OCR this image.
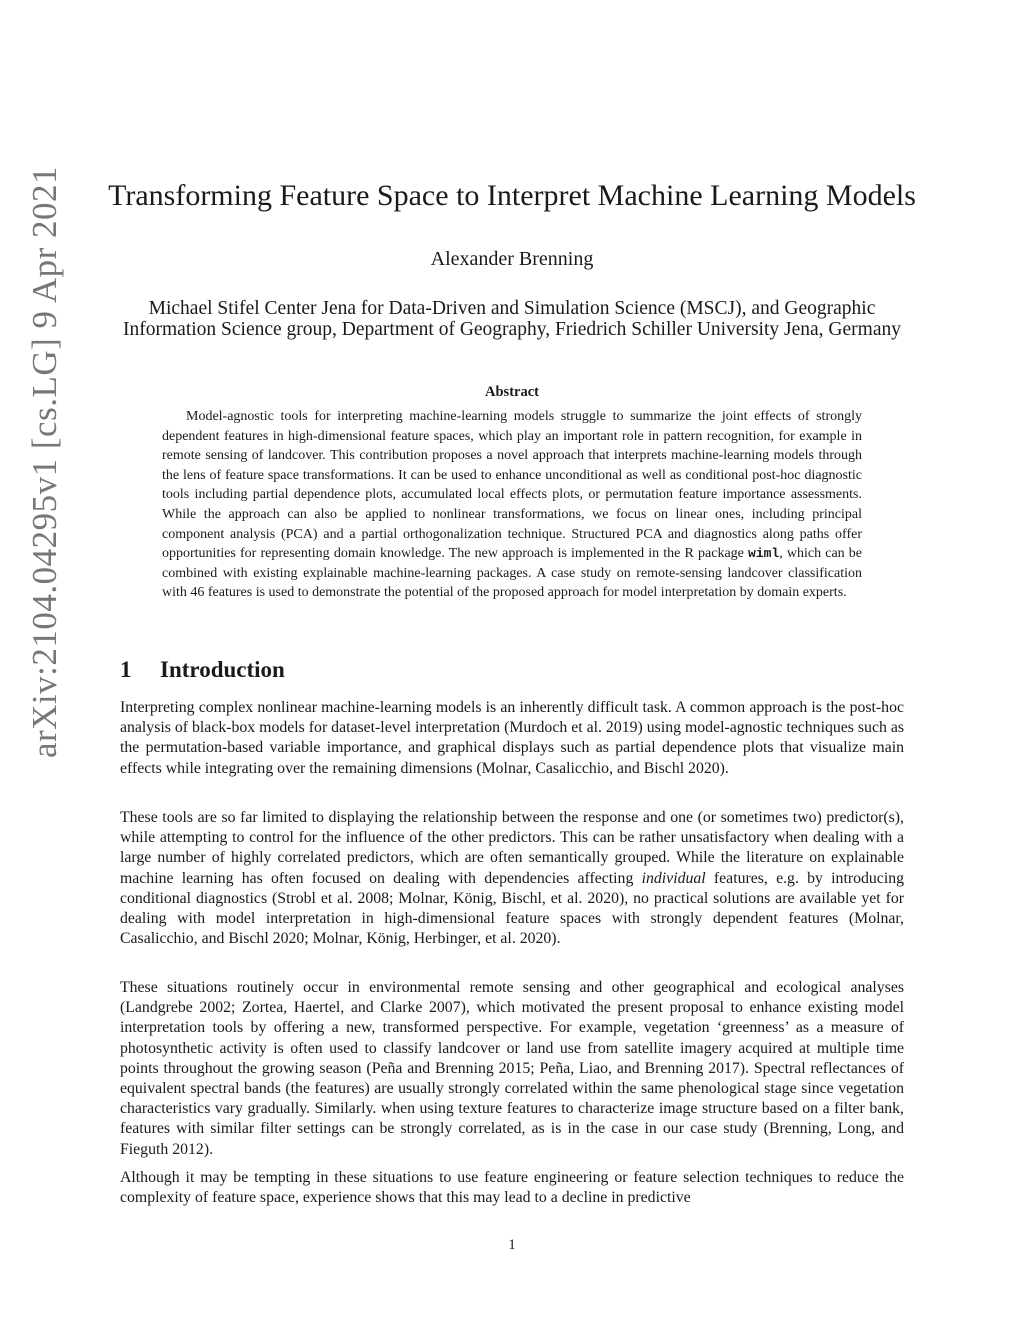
arXiv:2104.04295v1 [cs.LG] 9 Apr 2021	Transforming Feature Space to Interpret Machine Learning Models
Alexander Brenning
Michael Stifel Center Jena for Data-Driven and Simulation Science (MSCJ), and Geographic Information Science group, Department of Geography, Friedrich Schiller University Jena, Germany
Abstract

Model-agnostic tools for interpreting machine-learning models struggle to summarize the joint effects of strongly dependent features in high-dimensional feature spaces, which play an important role in pattern recognition, for example in remote sensing of landcover. This contribution proposes a novel approach that interprets machine-learning models through the lens of feature space transformations. It can be used to enhance unconditional as well as conditional post-hoc diagnostic tools including partial dependence plots, accumulated local effects plots, or permutation feature importance assessments. While the approach can also be applied to nonlinear transformations, we focus on linear ones, including principal component analysis (PCA) and a partial orthogonalization technique. Structured PCA and diagnostics along paths offer opportunities for representing domain knowledge. The new approach is implemented in the R package wiml, which can be combined with existing explainable machine-learning packages. A case study on remote-sensing landcover classification with 46 features is used to demonstrate the potential of the proposed approach for model interpretation by domain experts.

1 Introduction

Interpreting complex nonlinear machine-learning models is an inherently difficult task. A common approach is the post-hoc analysis of black-box models for dataset-level interpretation (Murdoch et al. 2019) using model-agnostic techniques such as the permutation-based variable importance, and graphical displays such as partial dependence plots that visualize main effects while integrating over the remaining dimensions (Molnar, Casalicchio, and Bischl 2020).

These tools are so far limited to displaying the relationship between the response and one (or sometimes two) predictor(s), while attempting to control for the influence of the other predictors. This can be rather unsatisfactory when dealing with a large number of highly correlated predictors, which are often semantically grouped. While the literature on explainable machine learning has often focused on dealing with dependencies affecting individual features, e.g. by introducing conditional diagnostics (Strobl et al. 2008; Molnar, König, Bischl, et al. 2020), no practical solutions are available yet for dealing with model interpretation in high-dimensional feature spaces with strongly dependent features (Molnar, Casalicchio, and Bischl 2020; Molnar, König, Herbinger, et al. 2020).

These situations routinely occur in environmental remote sensing and other geographical and ecological analyses (Landgrebe 2002; Zortea, Haertel, and Clarke 2007), which motivated the present proposal to enhance existing model interpretation tools by offering a new, transformed perspective. For example, vegetation ‘greenness’ as a measure of photosynthetic activity is often used to classify landcover or land use from satellite imagery acquired at multiple time points throughout the growing season (Peña and Brenning 2015; Peña, Liao, and Brenning 2017). Spectral reflectances of equivalent spectral bands (the features) are usually strongly correlated within the same phenological stage since vegetation characteristics vary gradually. Similarly. when using texture features to characterize image structure based on a filter bank, features with similar filter settings can be strongly correlated, as is in the case in our case study (Brenning, Long, and Fieguth 2012).

Although it may be tempting in these situations to use feature engineering or feature selection techniques to reduce the complexity of feature space, experience shows that this may lead to a decline in predictive

1
